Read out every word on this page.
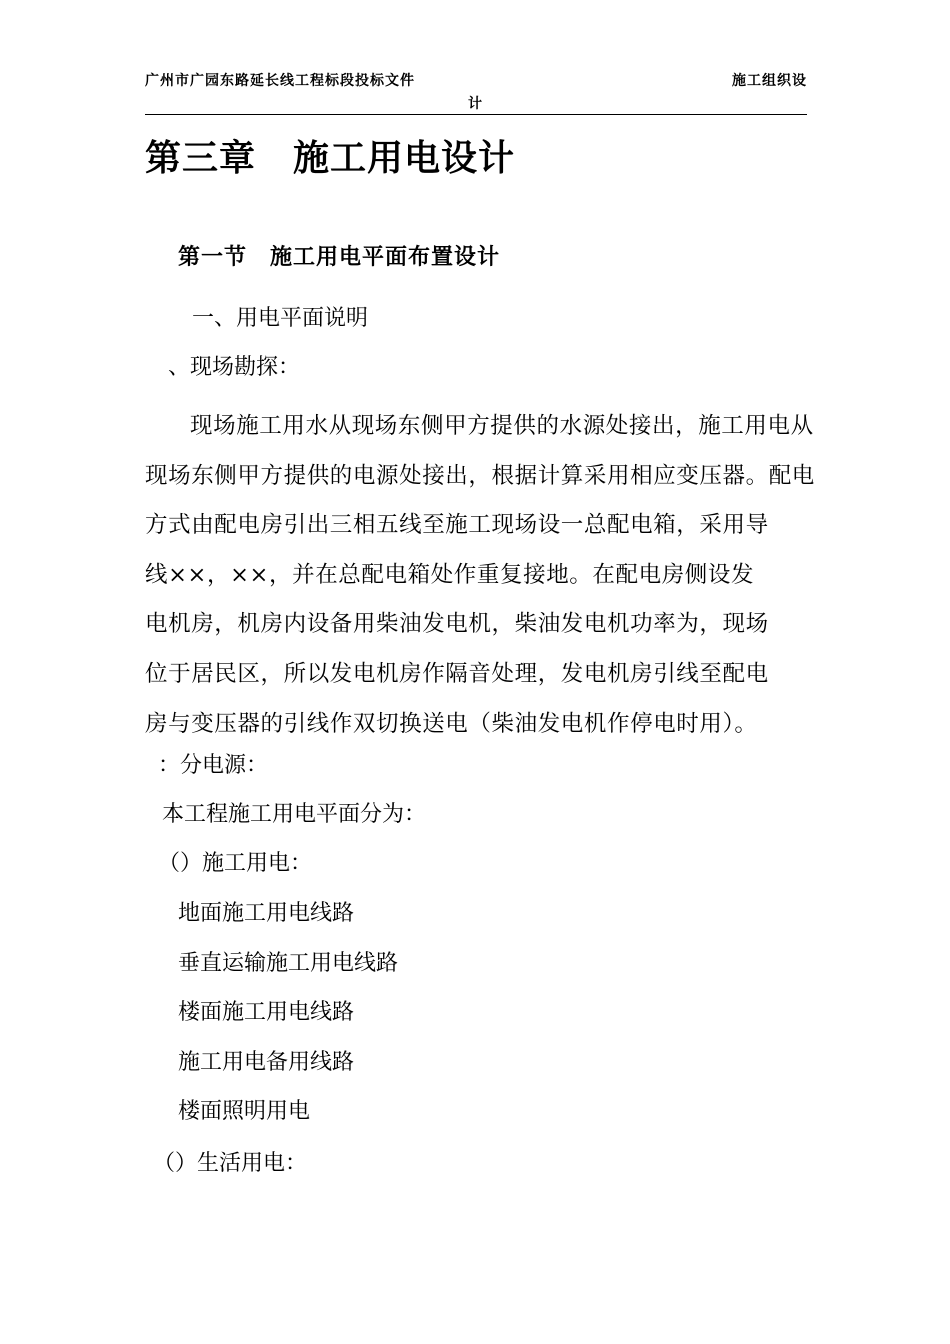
广州市广园东路延长线工程标段投标文件	施工组织设
计
第三章　施工用电设计
第一节　施工用电平面布置设计
一、用电平面说明
、现场勘探：
现场施工用水从现场东侧甲方提供的水源处接出，施工用电从
现场东侧甲方提供的电源处接出，根据计算采用相应变压器。配电
方式由配电房引出三相五线至施工现场设一总配电箱，采用导
线××，××，并在总配电箱处作重复接地。在配电房侧设发
电机房，机房内设备用柴油发电机，柴油发电机功率为，现场
位于居民区，所以发电机房作隔音处理，发电机房引线至配电
房与变压器的引线作双切换送电（柴油发电机作停电时用）。
：分电源：
本工程施工用电平面分为：
（）施工用电：
地面施工用电线路
垂直运输施工用电线路
楼面施工用电线路
施工用电备用线路
楼面照明用电
（）生活用电：
